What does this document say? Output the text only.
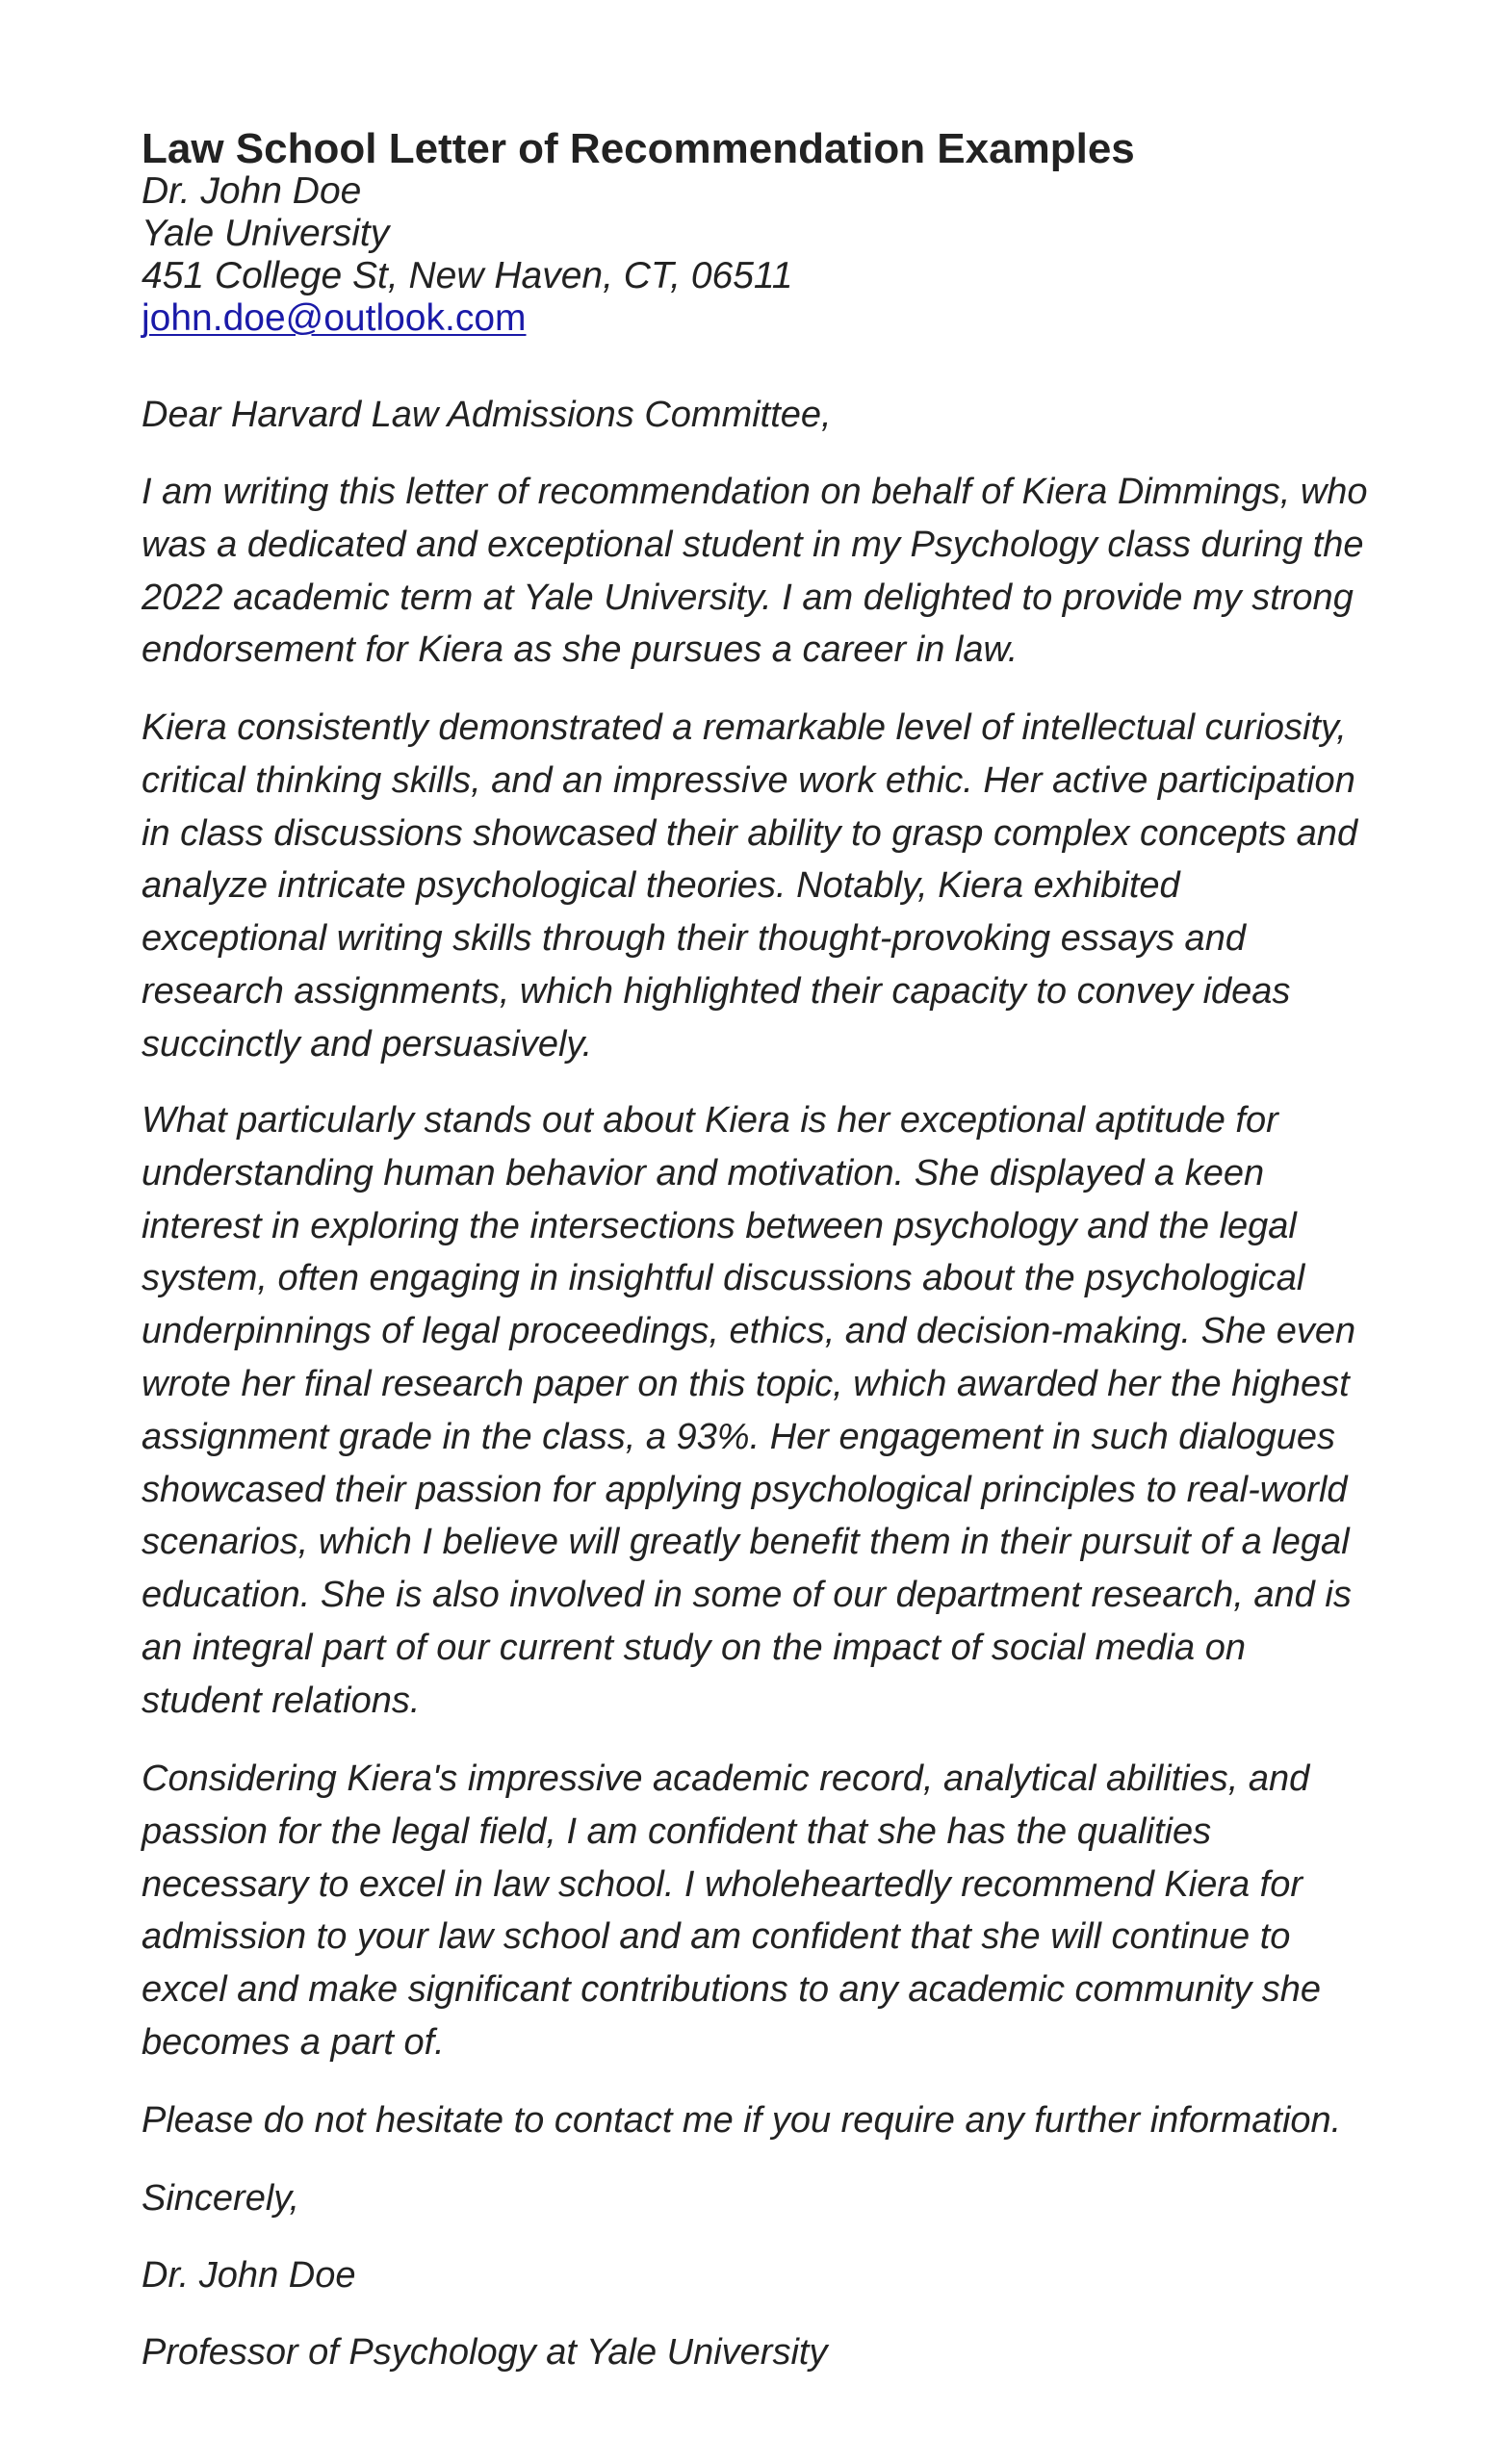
Law School Letter of Recommendation Examples
Dr. John Doe
Yale University
451 College St, New Haven, CT, 06511
john.doe@outlook.com
Dear Harvard Law Admissions Committee,
I am writing this letter of recommendation on behalf of Kiera Dimmings, who
was a dedicated and exceptional student in my Psychology class during the
2022 academic term at Yale University. I am delighted to provide my strong
endorsement for Kiera as she pursues a career in law.
Kiera consistently demonstrated a remarkable level of intellectual curiosity,
critical thinking skills, and an impressive work ethic. Her active participation
in class discussions showcased their ability to grasp complex concepts and
analyze intricate psychological theories. Notably, Kiera exhibited
exceptional writing skills through their thought-provoking essays and
research assignments, which highlighted their capacity to convey ideas
succinctly and persuasively.
What particularly stands out about Kiera is her exceptional aptitude for
understanding human behavior and motivation. She displayed a keen
interest in exploring the intersections between psychology and the legal
system, often engaging in insightful discussions about the psychological
underpinnings of legal proceedings, ethics, and decision-making. She even
wrote her final research paper on this topic, which awarded her the highest
assignment grade in the class, a 93%. Her engagement in such dialogues
showcased their passion for applying psychological principles to real-world
scenarios, which I believe will greatly benefit them in their pursuit of a legal
education. She is also involved in some of our department research, and is
an integral part of our current study on the impact of social media on
student relations.
Considering Kiera's impressive academic record, analytical abilities, and
passion for the legal field, I am confident that she has the qualities
necessary to excel in law school. I wholeheartedly recommend Kiera for
admission to your law school and am confident that she will continue to
excel and make significant contributions to any academic community she
becomes a part of.
Please do not hesitate to contact me if you require any further information.
Sincerely,
Dr. John Doe
Professor of Psychology at Yale University
